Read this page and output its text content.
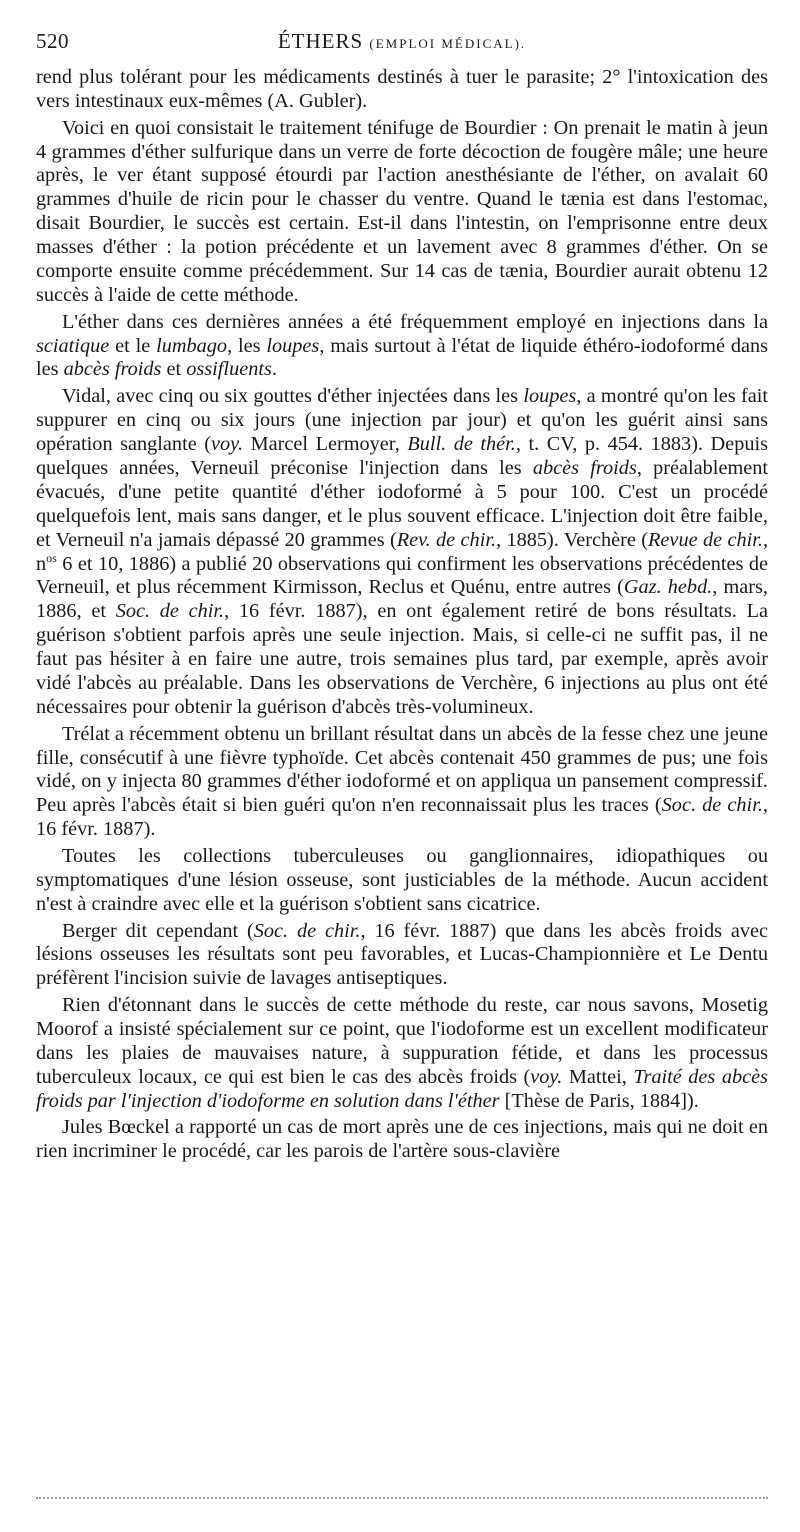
520	ÉTHERS (EMPLOI MÉDICAL).

rend plus tolérant pour les médicaments destinés à tuer le parasite; 2° l'intoxication des vers intestinaux eux-mêmes (A. Gubler).

Voici en quoi consistait le traitement ténifuge de Bourdier : On prenait le matin à jeun 4 grammes d'éther sulfurique dans un verre de forte décoction de fougère mâle; une heure après, le ver étant supposé étourdi par l'action anesthésiante de l'éther, on avalait 60 grammes d'huile de ricin pour le chasser du ventre. Quand le tænia est dans l'estomac, disait Bourdier, le succès est certain. Est-il dans l'intestin, on l'emprisonne entre deux masses d'éther : la potion précédente et un lavement avec 8 grammes d'éther. On se comporte ensuite comme précédemment. Sur 14 cas de tænia, Bourdier aurait obtenu 12 succès à l'aide de cette méthode.

L'éther dans ces dernières années a été fréquemment employé en injections dans la sciatique et le lumbago, les loupes, mais surtout à l'état de liquide éthéro-iodoformé dans les abcès froids et ossifluents.

Vidal, avec cinq ou six gouttes d'éther injectées dans les loupes, a montré qu'on les fait suppurer en cinq ou six jours (une injection par jour) et qu'on les guérit ainsi sans opération sanglante (voy. Marcel Lermoyer, Bull. de thér., t. CV, p. 454. 1883). Depuis quelques années, Verneuil préconise l'injection dans les abcès froids, préalablement évacués, d'une petite quantité d'éther iodoformé à 5 pour 100. C'est un procédé quelquefois lent, mais sans danger, et le plus souvent efficace. L'injection doit être faible, et Verneuil n'a jamais dépassé 20 grammes (Rev. de chir., 1885). Verchère (Revue de chir., $n^{os}$ 6 et 10, 1886) a publié 20 observations qui confirment les observations précédentes de Verneuil, et plus récemment Kirmisson, Reclus et Quénu, entre autres (Gaz. hebd., mars, 1886, et Soc. de chir., 16 févr. 1887), en ont également retiré de bons résultats. La guérison s'obtient parfois après une seule injection. Mais, si celle-ci ne suffit pas, il ne faut pas hésiter à en faire une autre, trois semaines plus tard, par exemple, après avoir vidé l'abcès au préalable. Dans les observations de Verchère, 6 injections au plus ont été nécessaires pour obtenir la guérison d'abcès très-volumineux.

Trélat a récemment obtenu un brillant résultat dans un abcès de la fesse chez une jeune fille, consécutif à une fièvre typhoïde. Cet abcès contenait 450 grammes de pus; une fois vidé, on y injecta 80 grammes d'éther iodoformé et on appliqua un pansement compressif. Peu après l'abcès était si bien guéri qu'on n'en reconnaissait plus les traces (Soc. de chir., 16 févr. 1887).

Toutes les collections tuberculeuses ou ganglionnaires, idiopathiques ou symptomatiques d'une lésion osseuse, sont justiciables de la méthode. Aucun accident n'est à craindre avec elle et la guérison s'obtient sans cicatrice.

Berger dit cependant (Soc. de chir., 16 févr. 1887) que dans les abcès froids avec lésions osseuses les résultats sont peu favorables, et Lucas-Championnière et Le Dentu préfèrent l'incision suivie de lavages antiseptiques.

Rien d'étonnant dans le succès de cette méthode du reste, car nous savons, Mosetig Moorof a insisté spécialement sur ce point, que l'iodoforme est un excellent modificateur dans les plaies de mauvaises nature, à suppuration fétide, et dans les processus tuberculeux locaux, ce qui est bien le cas des abcès froids (voy. Mattei, Traité des abcès froids par l'injection d'iodoforme en solution dans l'éther [Thèse de Paris, 1884]).

Jules Bœckel a rapporté un cas de mort après une de ces injections, mais qui ne doit en rien incriminer le procédé, car les parois de l'artère sous-clavière
